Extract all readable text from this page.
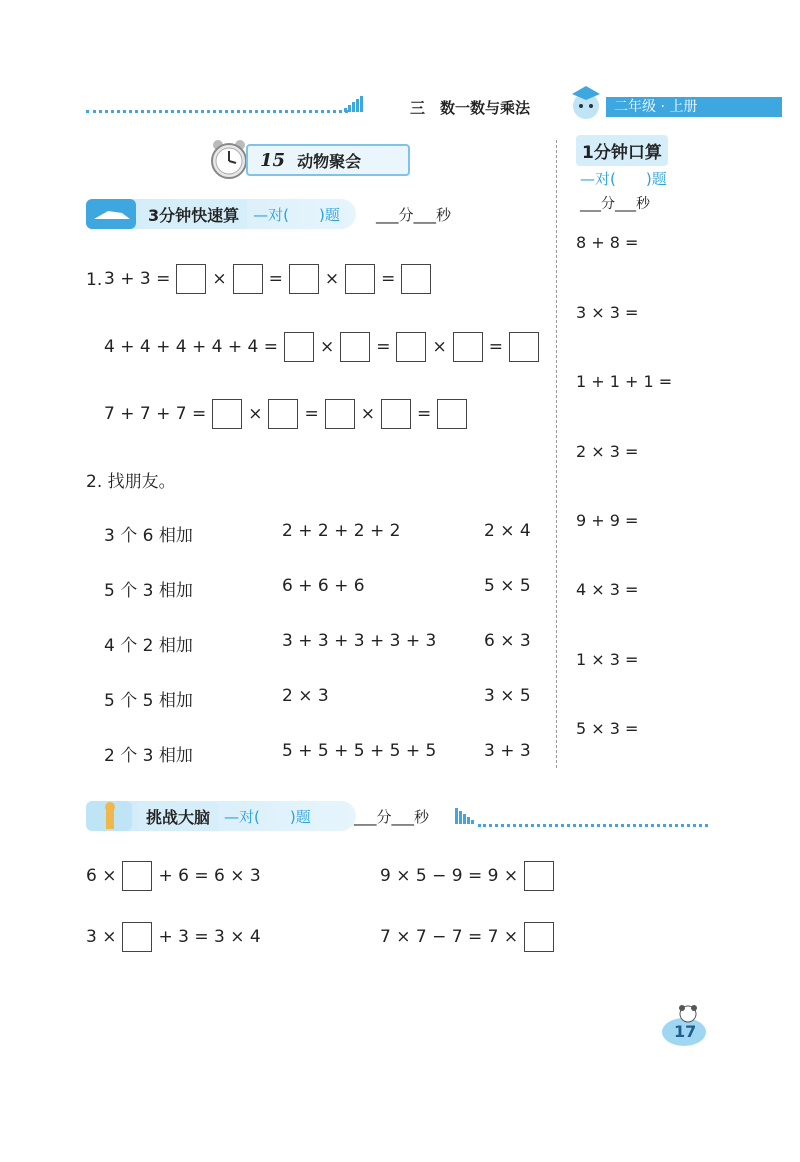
三　数一数与乘法	二年级 · 上册
15 动物聚会
3分钟快速算 —对(　　)题 ___分___秒
1. 3 + 3 = × = × =
4 + 4 + 4 + 4 + 4 = × = × =
7 + 7 + 7 = × = × =
2. 找朋友。
3 个 6 相加	2 + 2 + 2 + 2	2 × 4
5 个 3 相加	6 + 6 + 6	5 × 5
4 个 2 相加	3 + 3 + 3 + 3 + 3	6 × 3
5 个 5 相加	2 × 3	3 × 5
2 个 3 相加	5 + 5 + 5 + 5 + 5	3 + 3
1分钟口算
—对(　　)题
___分___秒
8 + 8 =
3 × 3 =
1 + 1 + 1 =
2 × 3 =
9 + 9 =
4 × 3 =
1 × 3 =
5 × 3 =
挑战大脑 —对(　　)题	___分___秒
6 × + 6 = 6 × 3	9 × 5 − 9 = 9 ×
3 × + 3 = 3 × 4	7 × 7 − 7 = 7 ×
17
